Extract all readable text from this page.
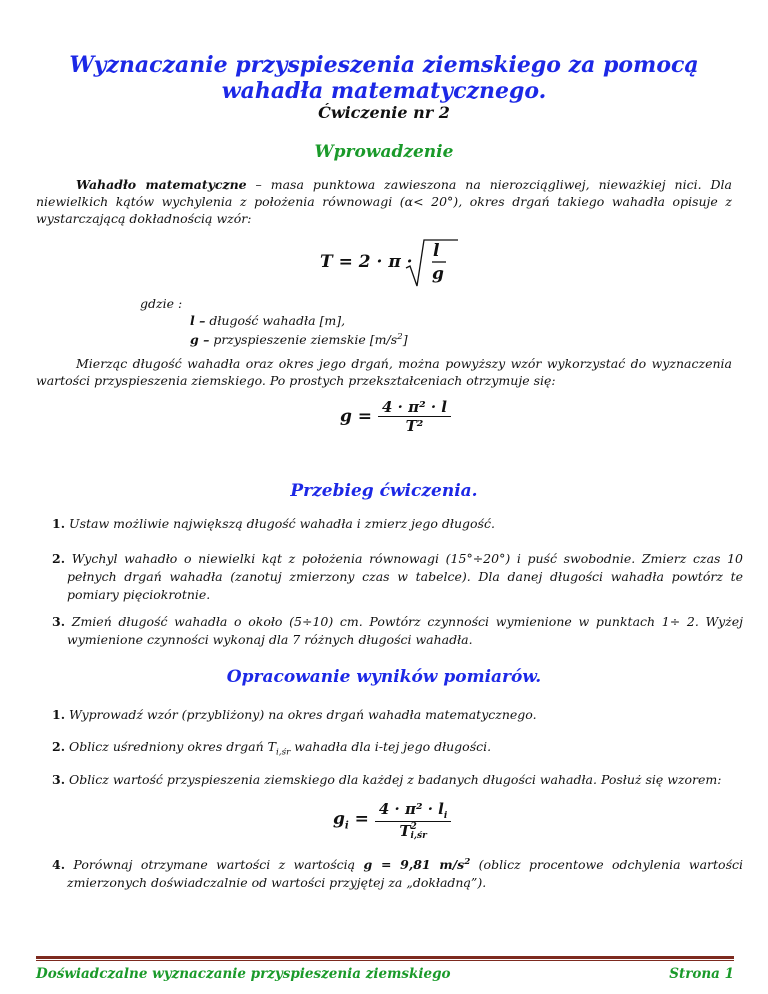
Wyznaczanie przyspieszenia ziemskiego za pomocą
wahadła matematycznego.
Ćwiczenie nr 2
Wprowadzenie
Wahadło matematyczne – masa punktowa zawieszona na nierozciągliwej, nieważkiej nici. Dla niewielkich kątów wychylenia z położenia równowagi (α< 20°), okres drgań takiego wahadła opisuje z wystarczającą dokładnością wzór:
T = 2 · π ·
l
g
gdzie :
l – długość wahadła [m],
g – przyspieszenie ziemskie $[m/s^2]$
Mierząc długość wahadła oraz okres jego drgań, można powyższy wzór wykorzystać do wyznaczenia wartości przyspieszenia ziemskiego. Po prostych przekształceniach otrzymuje się:
$g = \frac{\text{4 · π² · l}}{\text{T²}}$
Przebieg ćwiczenia.
1. Ustaw możliwie największą długość wahadła i zmierz jego długość.
2. Wychyl wahadło o niewielki kąt z położenia równowagi (15°÷20°) i puść swobodnie. Zmierz czas 10 pełnych drgań wahadła (zanotuj zmierzony czas w tabelce). Dla danej długości wahadła powtórz te pomiary pięciokrotnie.
3. Zmień długość wahadła o około (5÷10) cm. Powtórz czynności wymienione w punktach 1÷ 2. Wyżej wymienione czynności wykonaj dla 7 różnych długości wahadła.
Opracowanie wyników pomiarów.
1. Wyprowadź wzór (przybliżony) na okres drgań wahadła matematycznego.
2. Oblicz uśredniony okres drgań $T_{i,śr}$ wahadła dla i-tej jego długości.
3. Oblicz wartość przyspieszenia ziemskiego dla każdej z badanych długości wahadła. Posłuż się wzorem:
$g_i = 4 \cdot \pi^2 \cdot l_i$
T 2
i,śr
4. Porównaj otrzymane wartości z wartością g = 9,81 $m/s^2$ (oblicz procentowe odchylenia wartości zmierzonych doświadczalnie od wartości przyjętej za „dokładną”).
Doświadczalne wyznaczanie przyspieszenia ziemskiego	Strona 1
